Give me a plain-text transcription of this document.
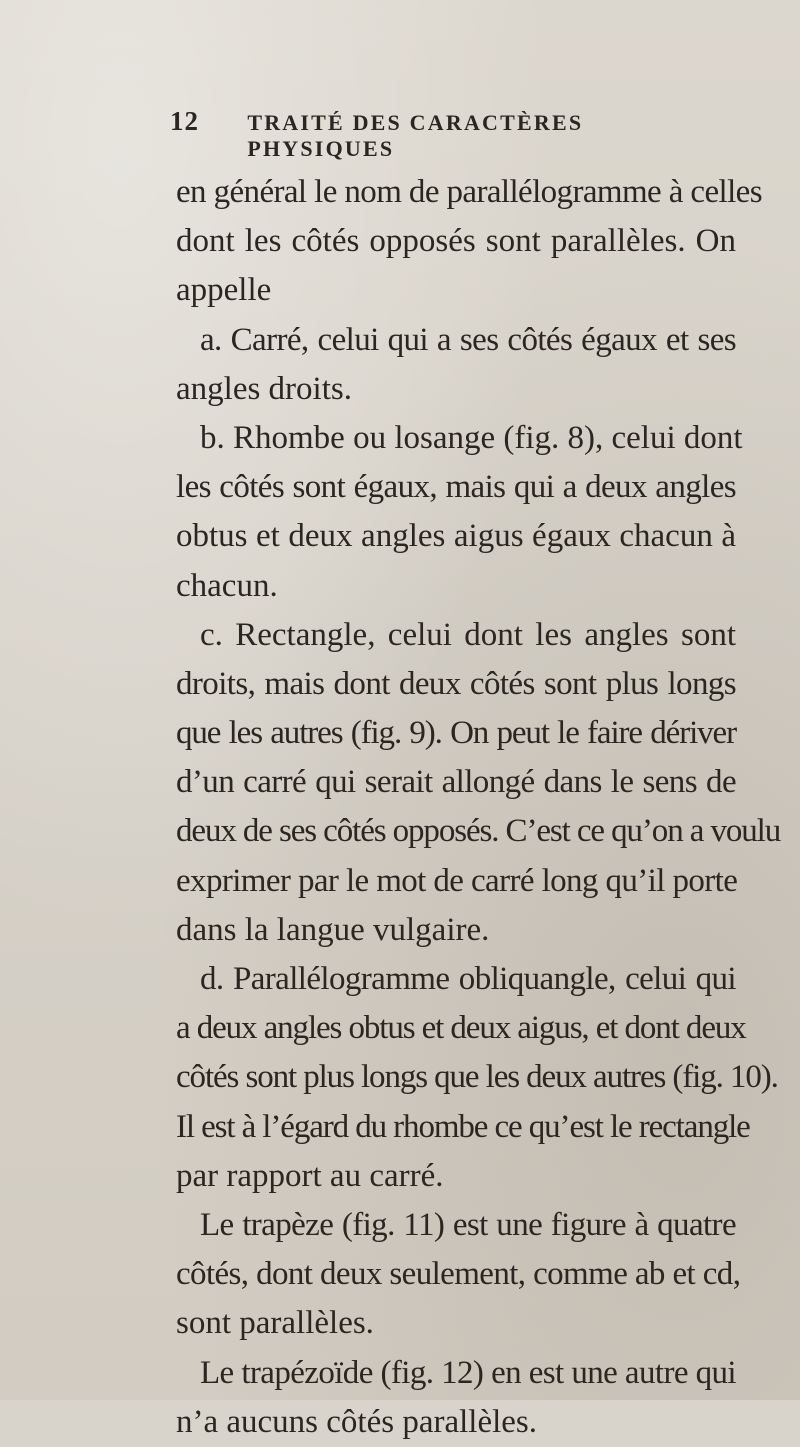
12	TRAITÉ DES CARACTÈRES PHYSIQUES
en général le nom de parallélogramme à celles
dont les côtés opposés sont parallèles. On
appelle
a. Carré, celui qui a ses côtés égaux et ses
angles droits.
b. Rhombe ou losange (fig. 8), celui dont
les côtés sont égaux, mais qui a deux angles
obtus et deux angles aigus égaux chacun à
chacun.
c. Rectangle, celui dont les angles sont
droits, mais dont deux côtés sont plus longs
que les autres (fig. 9). On peut le faire dériver
d’un carré qui serait allongé dans le sens de
deux de ses côtés opposés. C’est ce qu’on a voulu
exprimer par le mot de carré long qu’il porte
dans la langue vulgaire.
d. Parallélogramme obliquangle, celui qui
a deux angles obtus et deux aigus, et dont deux
côtés sont plus longs que les deux autres (fig. 10).
Il est à l’égard du rhombe ce qu’est le rectangle
par rapport au carré.
Le trapèze (fig. 11) est une figure à quatre
côtés, dont deux seulement, comme ab et cd,
sont parallèles.
Le trapézoïde (fig. 12) en est une autre qui
n’a aucuns côtés parallèles.
